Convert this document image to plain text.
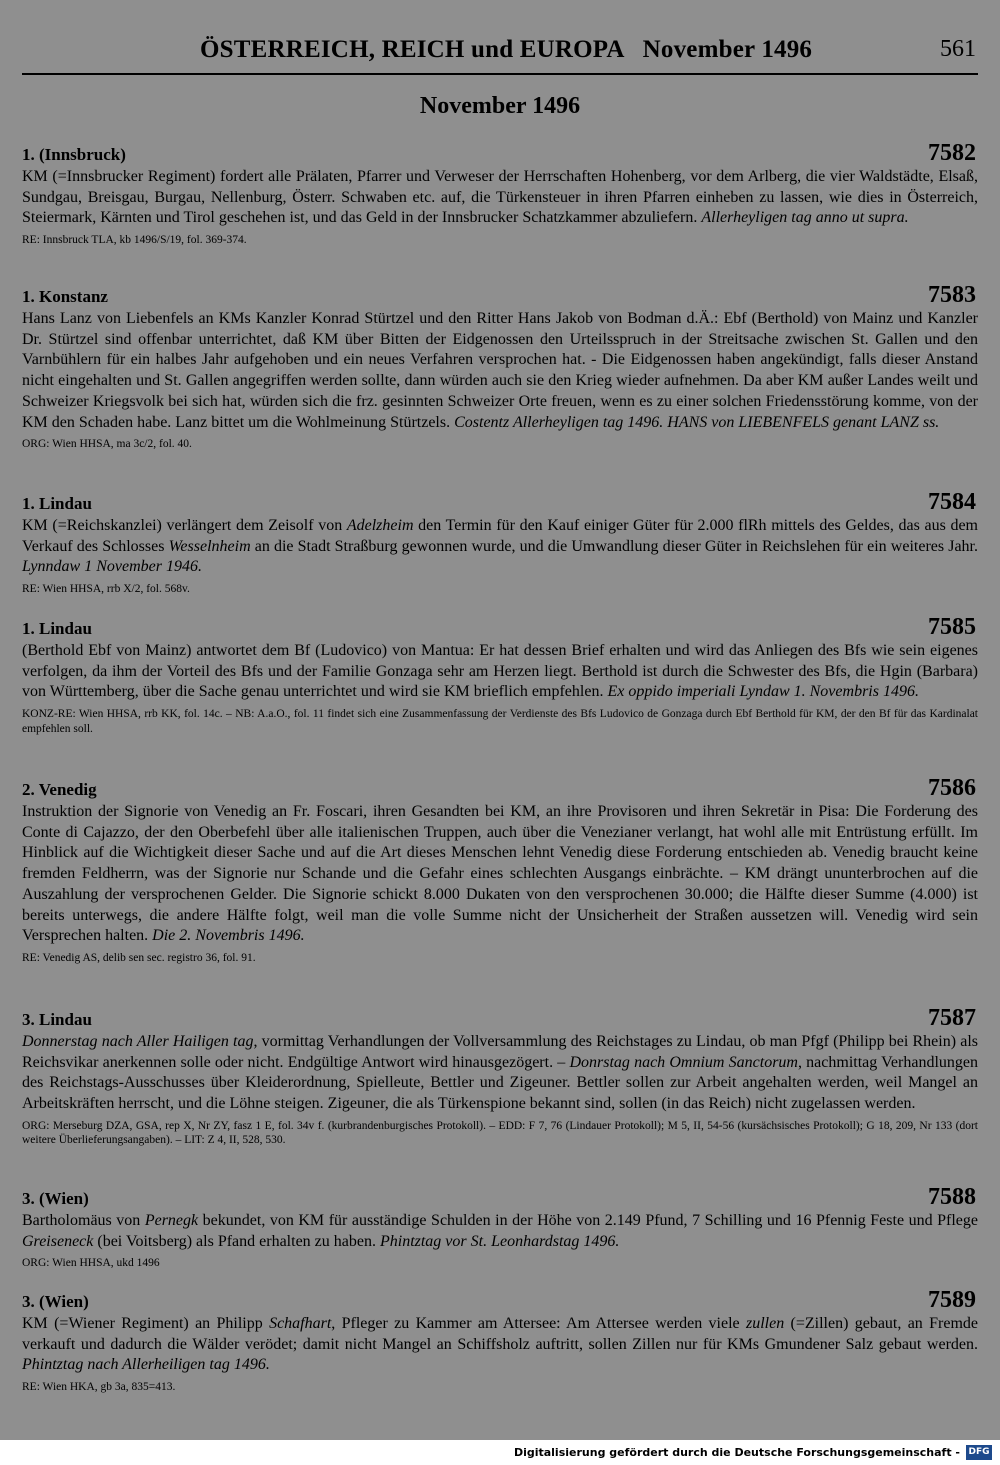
ÖSTERREICH, REICH und EUROPA   November 1496	561
November 1496
1. (Innsbruck)	7582
KM (=Innsbrucker Regiment) fordert alle Prälaten, Pfarrer und Verweser der Herrschaften Hohenberg, vor dem Arlberg, die vier Waldstädte, Elsaß, Sundgau, Breisgau, Burgau, Nellenburg, Österr. Schwaben etc. auf, die Türkensteuer in ihren Pfarren einheben zu lassen, wie dies in Österreich, Steiermark, Kärnten und Tirol geschehen ist, und das Geld in der Innsbrucker Schatzkammer abzuliefern. Allerheyligen tag anno ut supra.
RE: Innsbruck TLA, kb 1496/S/19, fol. 369-374.
1. Konstanz	7583
Hans Lanz von Liebenfels an KMs Kanzler Konrad Stürtzel und den Ritter Hans Jakob von Bodman d.Ä.: Ebf (Berthold) von Mainz und Kanzler Dr. Stürtzel sind offenbar unterrichtet, daß KM über Bitten der Eidgenossen den Urteilsspruch in der Streitsache zwischen St. Gallen und den Varnbühlern für ein halbes Jahr aufgehoben und ein neues Verfahren versprochen hat. - Die Eidgenossen haben angekündigt, falls dieser Anstand nicht eingehalten und St. Gallen angegriffen werden sollte, dann würden auch sie den Krieg wieder aufnehmen. Da aber KM außer Landes weilt und Schweizer Kriegsvolk bei sich hat, würden sich die frz. gesinnten Schweizer Orte freuen, wenn es zu einer solchen Friedensstörung komme, von der KM den Schaden habe. Lanz bittet um die Wohlmeinung Stürtzels. Costentz Allerheyligen tag 1496. HANS von LIEBENFELS genant LANZ ss.
ORG: Wien HHSA, ma 3c/2, fol. 40.
1. Lindau	7584
KM (=Reichskanzlei) verlängert dem Zeisolf von Adelzheim den Termin für den Kauf einiger Güter für 2.000 flRh mittels des Geldes, das aus dem Verkauf des Schlosses Wesselnheim an die Stadt Straßburg gewonnen wurde, und die Umwandlung dieser Güter in Reichslehen für ein weiteres Jahr. Lynndaw 1 November 1946.
RE: Wien HHSA, rrb X/2, fol. 568v.
1. Lindau	7585
(Berthold Ebf von Mainz) antwortet dem Bf (Ludovico) von Mantua: Er hat dessen Brief erhalten und wird das Anliegen des Bfs wie sein eigenes verfolgen, da ihm der Vorteil des Bfs und der Familie Gonzaga sehr am Herzen liegt. Berthold ist durch die Schwester des Bfs, die Hgin (Barbara) von Württemberg, über die Sache genau unterrichtet und wird sie KM brieflich empfehlen. Ex oppido imperiali Lyndaw 1. Novembris 1496.
KONZ-RE: Wien HHSA, rrb KK, fol. 14c. – NB: A.a.O., fol. 11 findet sich eine Zusammenfassung der Verdienste des Bfs Ludovico de Gonzaga durch Ebf Berthold für KM, der den Bf für das Kardinalat empfehlen soll.
2. Venedig	7586
Instruktion der Signorie von Venedig an Fr. Foscari, ihren Gesandten bei KM, an ihre Provisoren und ihren Sekretär in Pisa: Die Forderung des Conte di Cajazzo, der den Oberbefehl über alle italienischen Truppen, auch über die Venezianer verlangt, hat wohl alle mit Entrüstung erfüllt. Im Hinblick auf die Wichtigkeit dieser Sache und auf die Art dieses Menschen lehnt Venedig diese Forderung entschieden ab. Venedig braucht keine fremden Feldherrn, was der Signorie nur Schande und die Gefahr eines schlechten Ausgangs einbrächte. – KM drängt ununterbrochen auf die Auszahlung der versprochenen Gelder. Die Signorie schickt 8.000 Dukaten von den versprochenen 30.000; die Hälfte dieser Summe (4.000) ist bereits unterwegs, die andere Hälfte folgt, weil man die volle Summe nicht der Unsicherheit der Straßen aussetzen will. Venedig wird sein Versprechen halten. Die 2. Novembris 1496.
RE: Venedig AS, delib sen sec. registro 36, fol. 91.
3. Lindau	7587
Donnerstag nach Aller Hailigen tag, vormittag Verhandlungen der Vollversammlung des Reichstages zu Lindau, ob man Pfgf (Philipp bei Rhein) als Reichsvikar anerkennen solle oder nicht. Endgültige Antwort wird hinausgezögert. – Donrstag nach Omnium Sanctorum, nachmittag Verhandlungen des Reichstags-Ausschusses über Kleiderordnung, Spielleute, Bettler und Zigeuner. Bettler sollen zur Arbeit angehalten werden, weil Mangel an Arbeitskräften herrscht, und die Löhne steigen. Zigeuner, die als Türkenspione bekannt sind, sollen (in das Reich) nicht zugelassen werden.
ORG: Merseburg DZA, GSA, rep X, Nr ZY, fasz 1 E, fol. 34v f. (kurbrandenburgisches Protokoll). – EDD: F 7, 76 (Lindauer Protokoll); M 5, II, 54-56 (kursächsisches Protokoll); G 18, 209, Nr 133 (dort weitere Überlieferungsangaben). – LIT: Z 4, II, 528, 530.
3. (Wien)	7588
Bartholomäus von Pernegk bekundet, von KM für ausständige Schulden in der Höhe von 2.149 Pfund, 7 Schilling und 16 Pfennig Feste und Pflege Greiseneck (bei Voitsberg) als Pfand erhalten zu haben. Phintztag vor St. Leonhardstag 1496.
ORG: Wien HHSA, ukd 1496
3. (Wien)	7589
KM (=Wiener Regiment) an Philipp Schafhart, Pfleger zu Kammer am Attersee: Am Attersee werden viele zullen (=Zillen) gebaut, an Fremde verkauft und dadurch die Wälder verödet; damit nicht Mangel an Schiffsholz auftritt, sollen Zillen nur für KMs Gmundener Salz gebaut werden. Phintztag nach Allerheiligen tag 1496.
RE: Wien HKA, gb 3a, 835=413.
Digitalisierung gefördert durch die Deutsche Forschungsgemeinschaft - DFG
